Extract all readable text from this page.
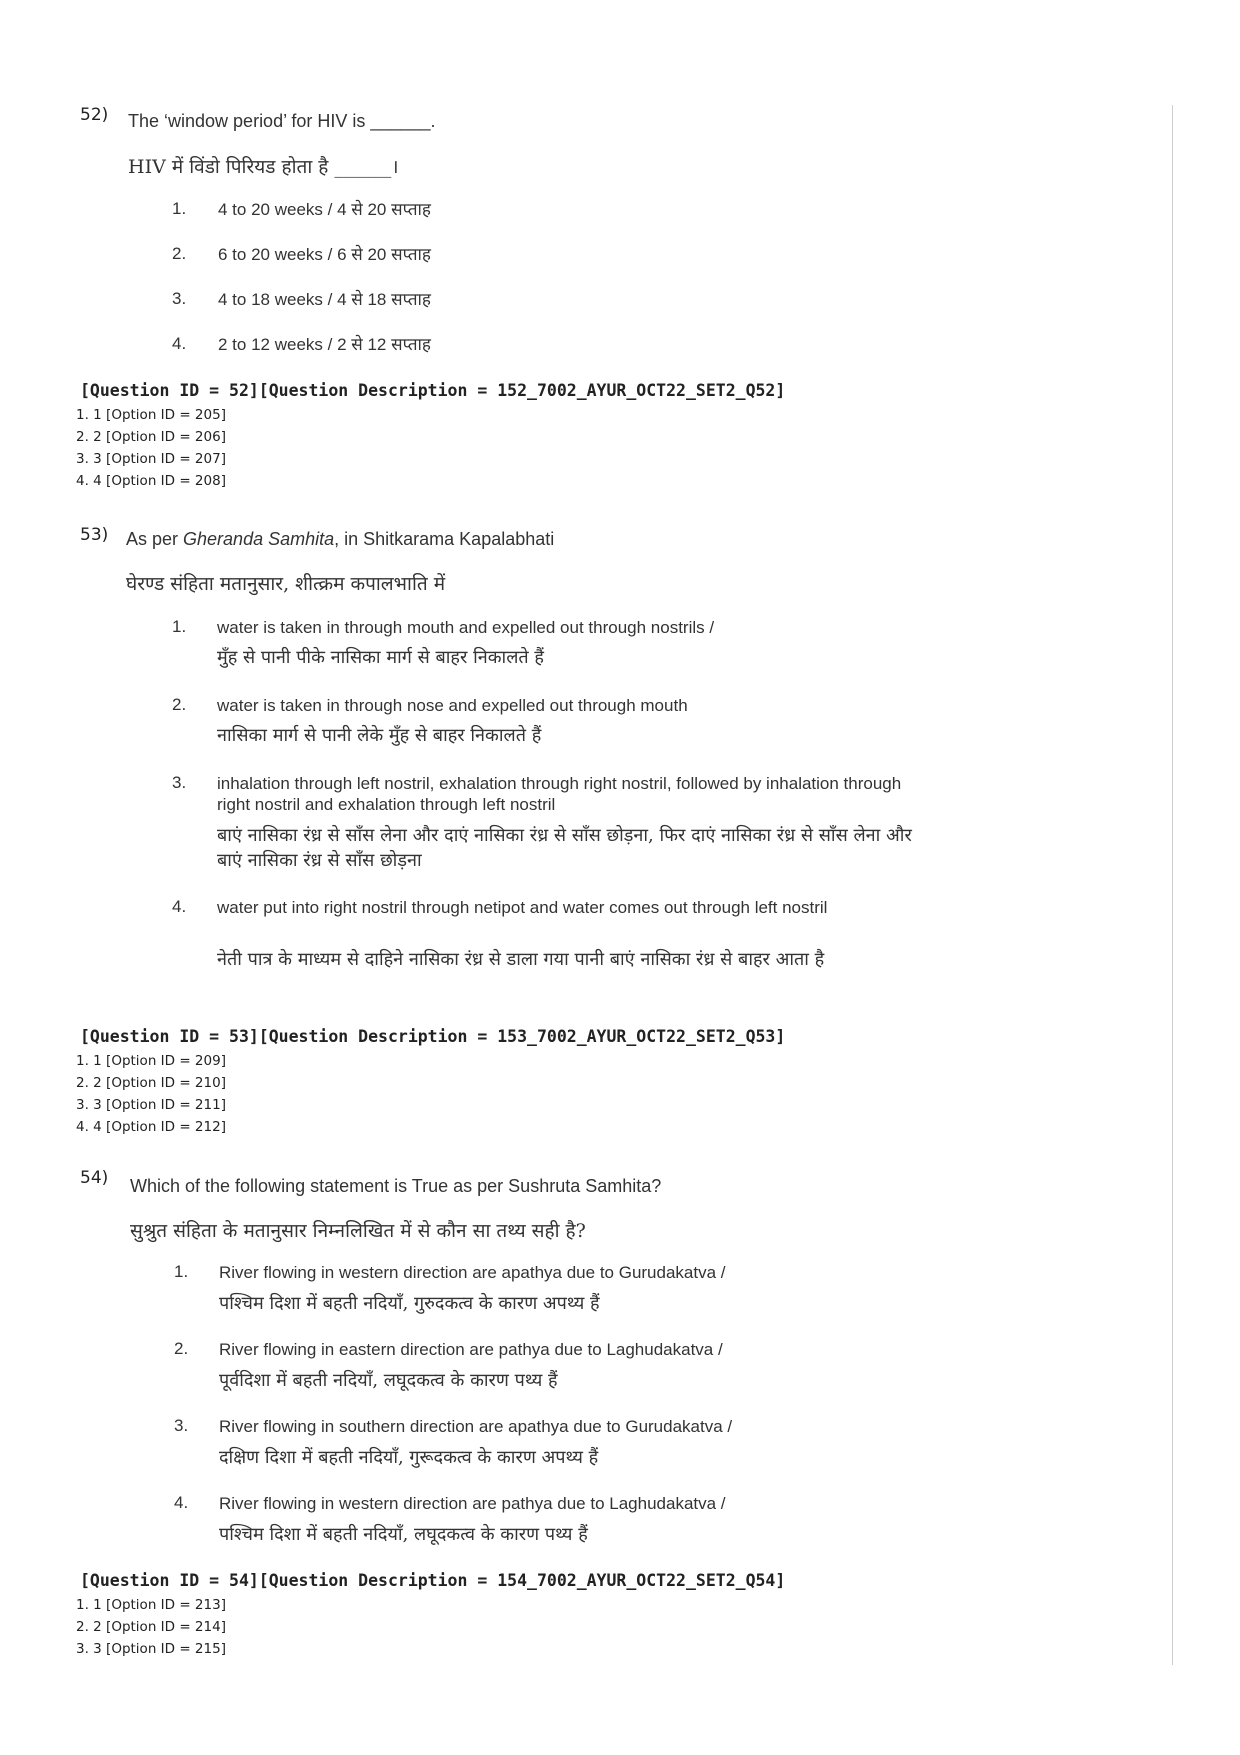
52) The ‘window period’ for HIV is ______.
HIV में विंडो पिरियड होता है ______।
1. 4 to 20 weeks / 4 से 20 सप्ताह
2. 6 to 20 weeks / 6 से 20 सप्ताह
3. 4 to 18 weeks / 4 से 18 सप्ताह
4. 2 to 12 weeks / 2 से 12 सप्ताह
[Question ID = 52][Question Description = 152_7002_AYUR_OCT22_SET2_Q52]
1. 1 [Option ID = 205]
2. 2 [Option ID = 206]
3. 3 [Option ID = 207]
4. 4 [Option ID = 208]
53) As per Gheranda Samhita, in Shitkarama Kapalabhati
घेरण्ड संहिता मतानुसार, शीत्क्रम कपालभाति में
1. water is taken in through mouth and expelled out through nostrils /
मुँह से पानी पीके नासिका मार्ग से बाहर निकालते हैं
2. water is taken in through nose and expelled out through mouth
नासिका मार्ग से पानी लेके मुँह से बाहर निकालते हैं
3. inhalation through left nostril, exhalation through right nostril, followed by inhalation through right nostril and exhalation through left nostril
बाएं नासिका रंध्र से साँस लेना और दाएं नासिका रंध्र से साँस छोड़ना, फिर दाएं नासिका रंध्र से साँस लेना और बाएं नासिका रंध्र से साँस छोड़ना
4. water put into right nostril through netipot and water comes out through left nostril
नेती पात्र के माध्यम से दाहिने नासिका रंध्र से डाला गया पानी बाएं नासिका रंध्र से बाहर आता है
[Question ID = 53][Question Description = 153_7002_AYUR_OCT22_SET2_Q53]
1. 1 [Option ID = 209]
2. 2 [Option ID = 210]
3. 3 [Option ID = 211]
4. 4 [Option ID = 212]
54) Which of the following statement is True as per Sushruta Samhita?
सुश्रुत संहिता के मतानुसार निम्नलिखित में से कौन सा तथ्य सही है?
1. River flowing in western direction are apathya due to Gurudakatva /
पश्चिम दिशा में बहती नदियाँ, गुरुदकत्व के कारण अपथ्य हैं
2. River flowing in eastern direction are pathya due to Laghudakatva /
पूर्वदिशा में बहती नदियाँ, लघूदकत्व के कारण पथ्य हैं
3. River flowing in southern direction are apathya due to Gurudakatva /
दक्षिण दिशा में बहती नदियाँ, गुरूदकत्व के कारण अपथ्य हैं
4. River flowing in western direction are pathya due to Laghudakatva /
पश्चिम दिशा में बहती नदियाँ, लघूदकत्व के कारण पथ्य हैं
[Question ID = 54][Question Description = 154_7002_AYUR_OCT22_SET2_Q54]
1. 1 [Option ID = 213]
2. 2 [Option ID = 214]
3. 3 [Option ID = 215]
